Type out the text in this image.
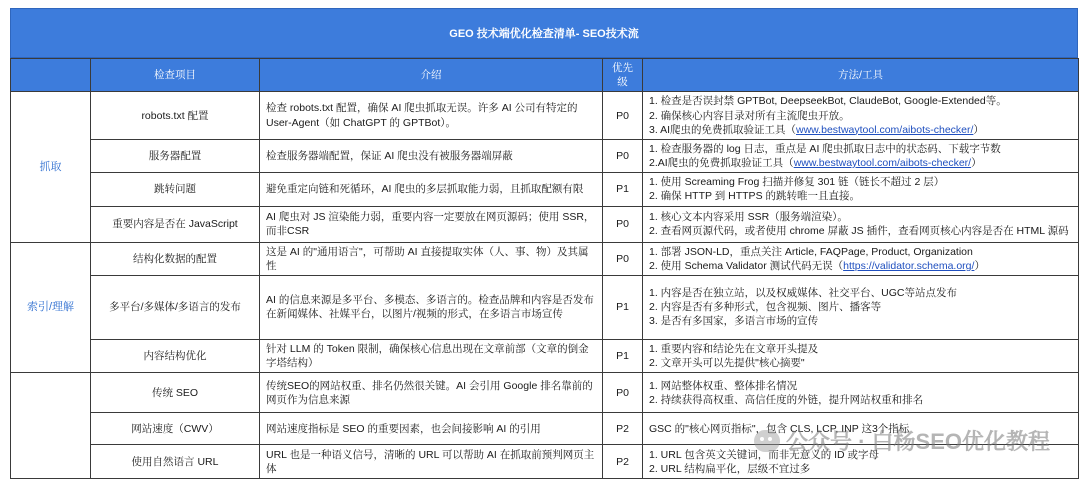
GEO 技术端优化检查清单- SEO技术流
	检查项目	介绍	优先级	方法/工具
抓取	robots.txt 配置	检查 robots.txt 配置，确保 AI 爬虫抓取无误。许多 AI 公司有特定的 User-Agent（如 ChatGPT 的 GPTBot）。	P0	1. 检查是否误封禁 GPTBot, DeepseekBot, ClaudeBot, Google-Extended等。
2. 确保核心内容目录对所有主流爬虫开放。
3. AI爬虫的免费抓取验证工具（www.bestwaytool.com/aibots-checker/）

	服务器配置	检查服务器端配置，保证 AI 爬虫没有被服务器端屏蔽	P0	1. 检查服务器的 log 日志，重点是 AI 爬虫抓取日志中的状态码、下载字节数
2.AI爬虫的免费抓取验证工具（www.bestwaytool.com/aibots-checker/）

	跳转问题	避免重定向链和死循环，AI 爬虫的多层抓取能力弱，且抓取配额有限	P1	1. 使用 Screaming Frog 扫描并修复 301 链（链长不超过 2 层）
2. 确保 HTTP 到 HTTPS 的跳转唯一且直接。

	重要内容是否在 JavaScript	AI 爬虫对 JS 渲染能力弱，重要内容一定要放在网页源码；使用 SSR，而非CSR	P0	1. 核心文本内容采用 SSR（服务端渲染）。
2. 查看网页源代码，或者使用 chrome 屏蔽 JS 插件，查看网页核心内容是否在 HTML 源码

索引/理解	结构化数据的配置	这是 AI 的"通用语言"，可帮助 AI 直接提取实体（人、事、物）及其属性	P0	1. 部署 JSON-LD，重点关注 Article, FAQPage, Product, Organization
2. 使用 Schema Validator 测试代码无误（https://validator.schema.org/）

	多平台/多媒体/多语言的发布	AI 的信息来源是多平台、多模态、多语言的。检查品牌和内容是否发布在新闻媒体、社媒平台，以图片/视频的形式，在多语言市场宣传	P1	1. 内容是否在独立站，以及权威媒体、社交平台、UGC等站点发布
2. 内容是否有多种形式，包含视频、图片、播客等
3. 是否有多国家，多语言市场的宣传

	内容结构优化	针对 LLM 的 Token 限制，确保核心信息出现在文章前部（文章的倒金字塔结构）	P1	1. 重要内容和结论先在文章开头提及
2. 文章开头可以先提供"核心摘要"

	传统 SEO	传统SEO的网站权重、排名仍然很关键。AI 会引用 Google 排名靠前的网页作为信息来源	P0	1. 网站整体权重、整体排名情况
2. 持续获得高权重、高信任度的外链，提升网站权重和排名

	网站速度（CWV）	网站速度指标是 SEO 的重要因素，也会间接影响 AI 的引用	P2	GSC 的"核心网页指标"，包含 CLS, LCP, INP 这3个指标

	使用自然语言 URL	URL 也是一种语义信号，清晰的 URL 可以帮助 AI 在抓取前预判网页主体	P2	1. URL 包含英文关键词，而非无意义的 ID 或字母
2. URL 结构扁平化，层级不宜过多
公众号 · 白杨SEO优化教程
